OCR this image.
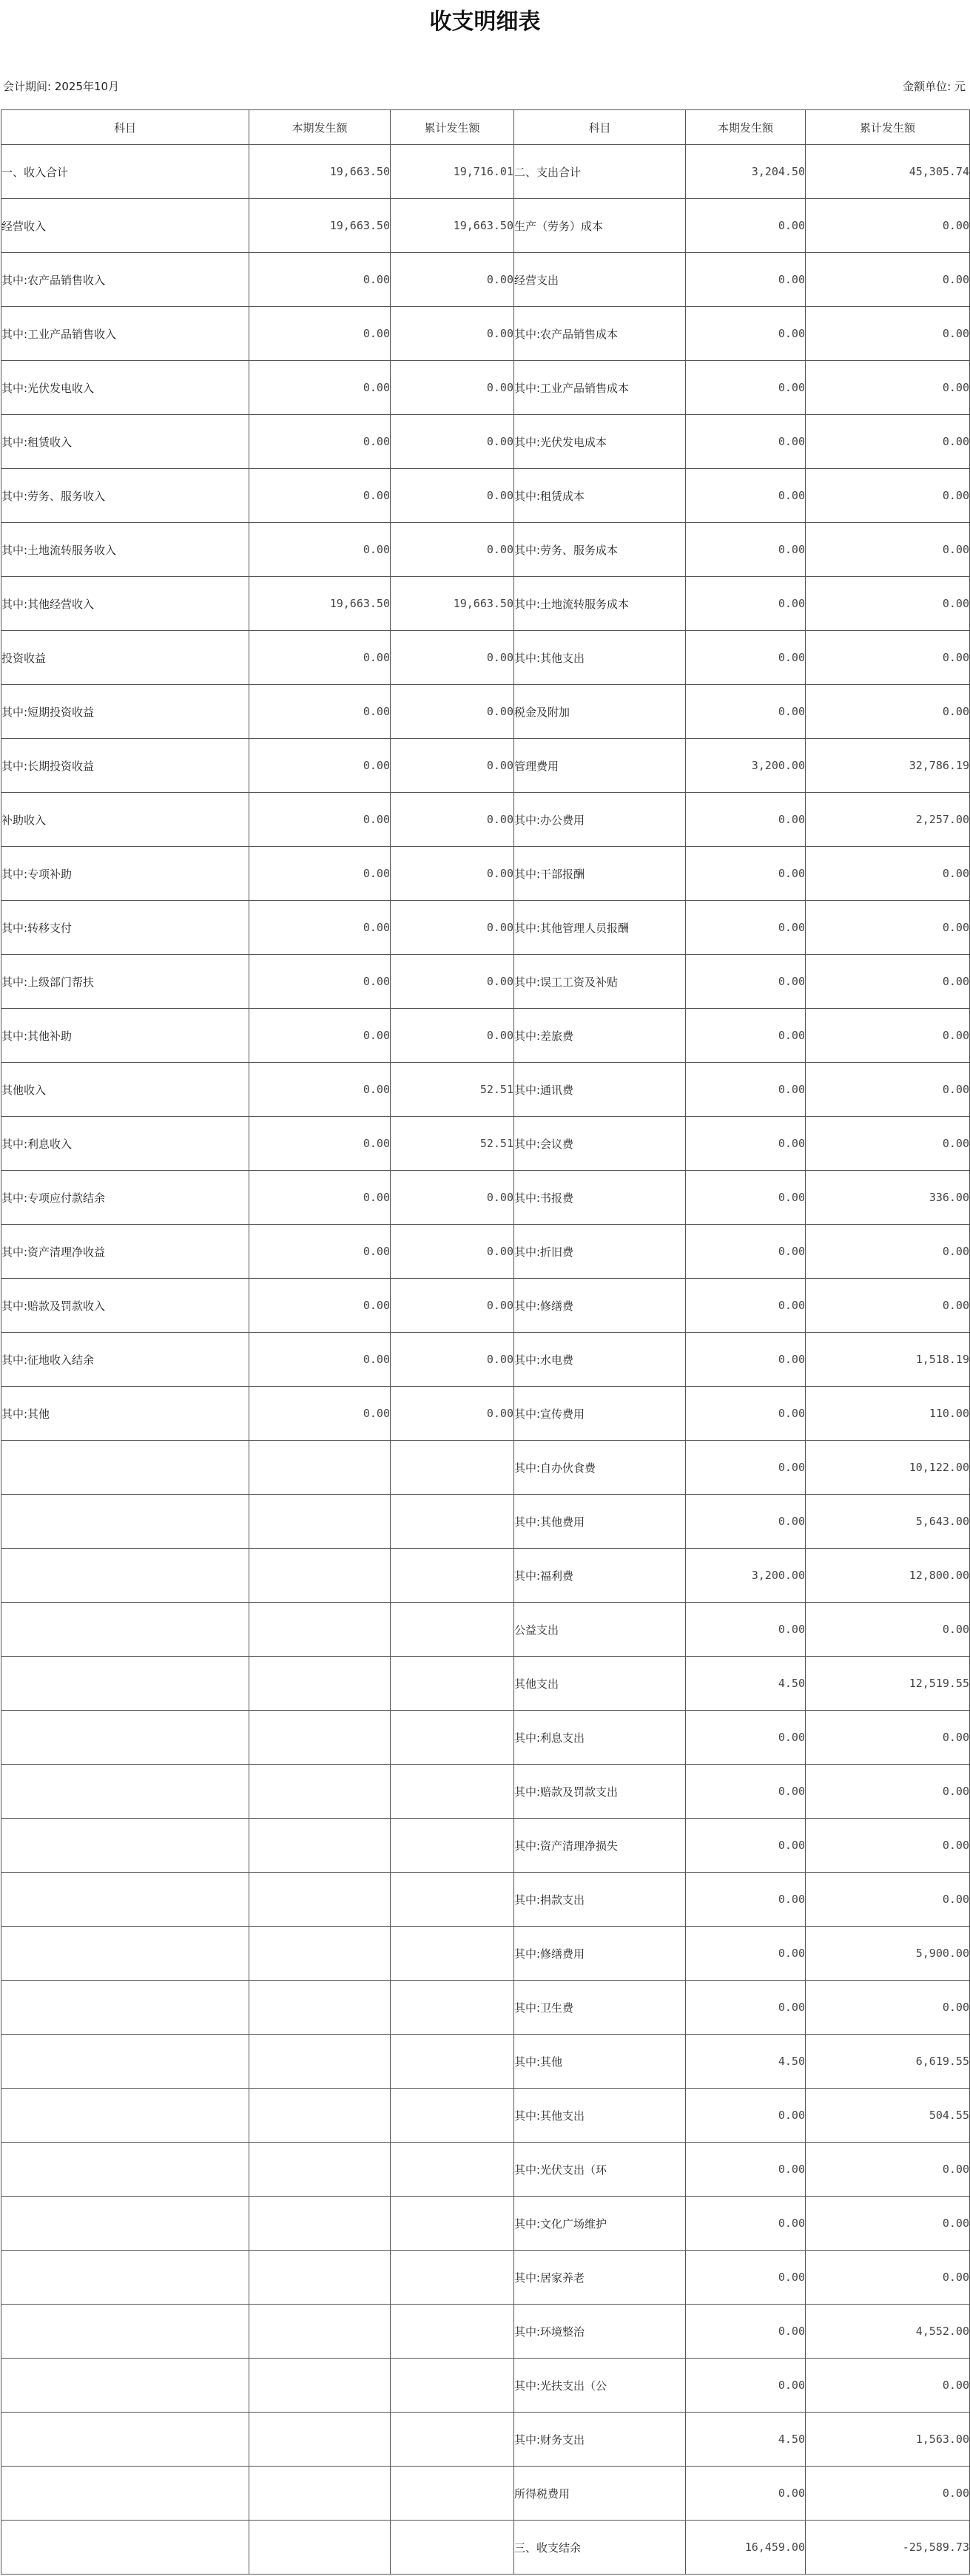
收支明细表
会计期间: 2025年10月	金额单位: 元
科目	本期发生额	累计发生额	科目	本期发生额	累计发生额
一、收入合计	19,663.50	19,716.01	二、支出合计	3,204.50	45,305.74
经营收入	19,663.50	19,663.50	生产（劳务）成本	0.00	0.00
其中:农产品销售收入	0.00	0.00	经营支出	0.00	0.00
其中:工业产品销售收入	0.00	0.00	其中:农产品销售成本	0.00	0.00
其中:光伏发电收入	0.00	0.00	其中:工业产品销售成本	0.00	0.00
其中:租赁收入	0.00	0.00	其中:光伏发电成本	0.00	0.00
其中:劳务、服务收入	0.00	0.00	其中:租赁成本	0.00	0.00
其中:土地流转服务收入	0.00	0.00	其中:劳务、服务成本	0.00	0.00
其中:其他经营收入	19,663.50	19,663.50	其中:土地流转服务成本	0.00	0.00
投资收益	0.00	0.00	其中:其他支出	0.00	0.00
其中:短期投资收益	0.00	0.00	税金及附加	0.00	0.00
其中:长期投资收益	0.00	0.00	管理费用	3,200.00	32,786.19
补助收入	0.00	0.00	其中:办公费用	0.00	2,257.00
其中:专项补助	0.00	0.00	其中:干部报酬	0.00	0.00
其中:转移支付	0.00	0.00	其中:其他管理人员报酬	0.00	0.00
其中:上级部门帮扶	0.00	0.00	其中:误工工资及补贴	0.00	0.00
其中:其他补助	0.00	0.00	其中:差旅费	0.00	0.00
其他收入	0.00	52.51	其中:通讯费	0.00	0.00
其中:利息收入	0.00	52.51	其中:会议费	0.00	0.00
其中:专项应付款结余	0.00	0.00	其中:书报费	0.00	336.00
其中:资产清理净收益	0.00	0.00	其中:折旧费	0.00	0.00
其中:赔款及罚款收入	0.00	0.00	其中:修缮费	0.00	0.00
其中:征地收入结余	0.00	0.00	其中:水电费	0.00	1,518.19
其中:其他	0.00	0.00	其中:宣传费用	0.00	110.00
			其中:自办伙食费	0.00	10,122.00
			其中:其他费用	0.00	5,643.00
			其中:福利费	3,200.00	12,800.00
			公益支出	0.00	0.00
			其他支出	4.50	12,519.55
			其中:利息支出	0.00	0.00
			其中:赔款及罚款支出	0.00	0.00
			其中:资产清理净损失	0.00	0.00
			其中:捐款支出	0.00	0.00
			其中:修缮费用	0.00	5,900.00
			其中:卫生费	0.00	0.00
			其中:其他	4.50	6,619.55
			其中:其他支出	0.00	504.55
			其中:光伏支出（环	0.00	0.00
			其中:文化广场维护	0.00	0.00
			其中:居家养老	0.00	0.00
			其中:环境整治	0.00	4,552.00
			其中:光扶支出（公	0.00	0.00
			其中:财务支出	4.50	1,563.00
			所得税费用	0.00	0.00
			三、收支结余	16,459.00	-25,589.73
